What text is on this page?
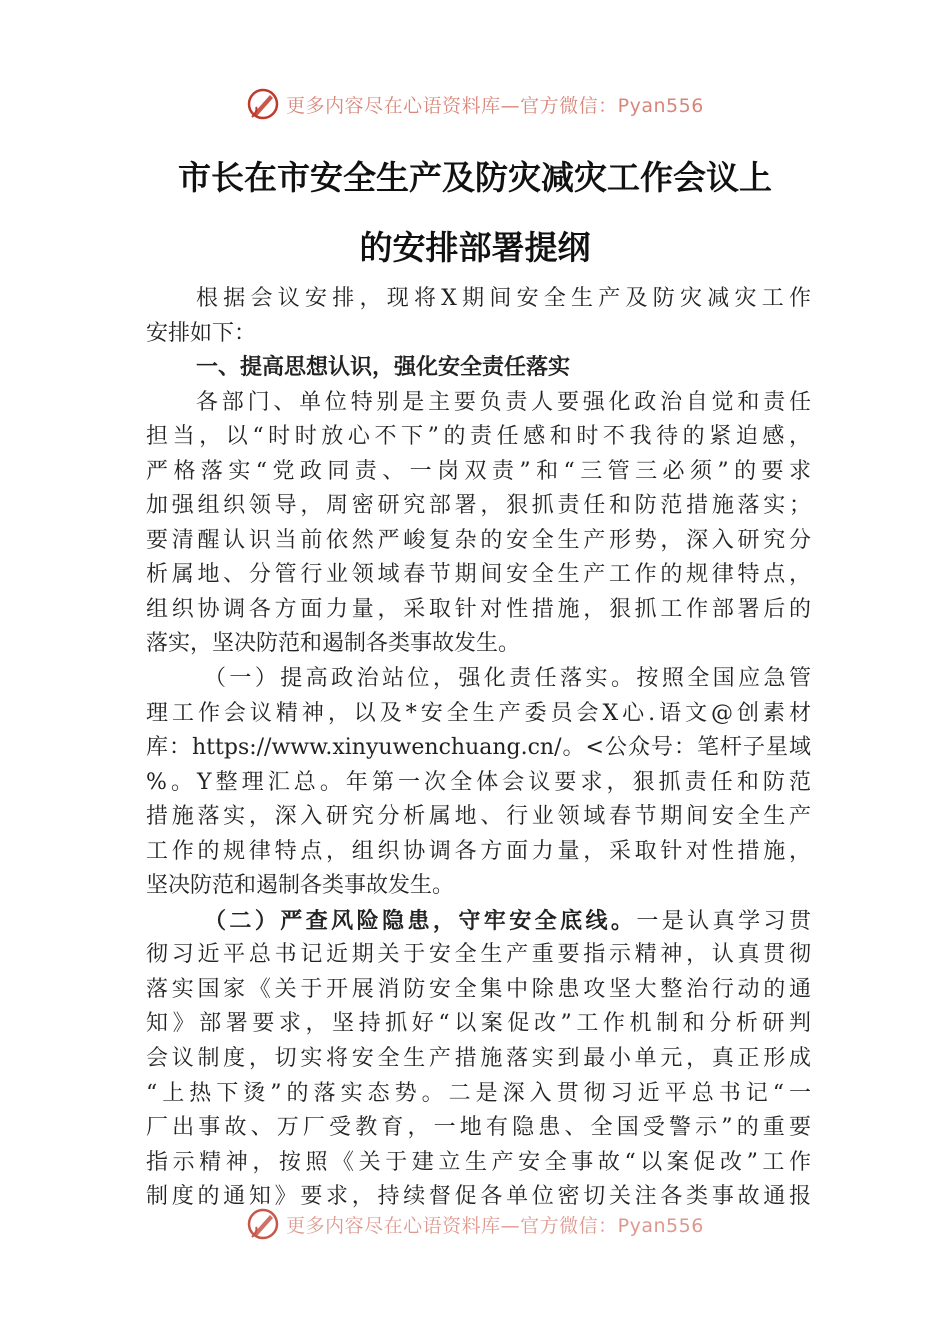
更多内容尽在心语资料库—官方微信：Pyan556
市长在市安全生产及防灾减灾工作会议上
的安排部署提纲
根据会议安排，现将X期间安全生产及防灾减灾工作
安排如下：
一、提高思想认识，强化安全责任落实
各部门、单位特别是主要负责人要强化政治自觉和责任
担当，以“时时放心不下”的责任感和时不我待的紧迫感，
严格落实“党政同责、一岗双责”和“三管三必须”的要求
加强组织领导，周密研究部署，狠抓责任和防范措施落实；
要清醒认识当前依然严峻复杂的安全生产形势，深入研究分
析属地、分管行业领域春节期间安全生产工作的规律特点，
组织协调各方面力量，采取针对性措施，狠抓工作部署后的
落实，坚决防范和遏制各类事故发生。
（一）提高政治站位，强化责任落实。按照全国应急管
理工作会议精神，以及*安全生产委员会X心.语文@创素材
库：https://www.xinyuwenchuang.cn/。<公众号：笔杆子星域
%。Y整理汇总。年第一次全体会议要求，狠抓责任和防范
措施落实，深入研究分析属地、行业领域春节期间安全生产
工作的规律特点，组织协调各方面力量，采取针对性措施，
坚决防范和遏制各类事故发生。
（二）严查风险隐患，守牢安全底线。一是认真学习贯
彻习近平总书记近期关于安全生产重要指示精神，认真贯彻
落实国家《关于开展消防安全集中除患攻坚大整治行动的通
知》部署要求，坚持抓好“以案促改”工作机制和分析研判
会议制度，切实将安全生产措施落实到最小单元，真正形成
“上热下烫”的落实态势。二是深入贯彻习近平总书记“一
厂出事故、万厂受教育，一地有隐患、全国受警示”的重要
指示精神，按照《关于建立生产安全事故“以案促改”工作
制度的通知》要求，持续督促各单位密切关注各类事故通报
更多内容尽在心语资料库—官方微信：Pyan556
